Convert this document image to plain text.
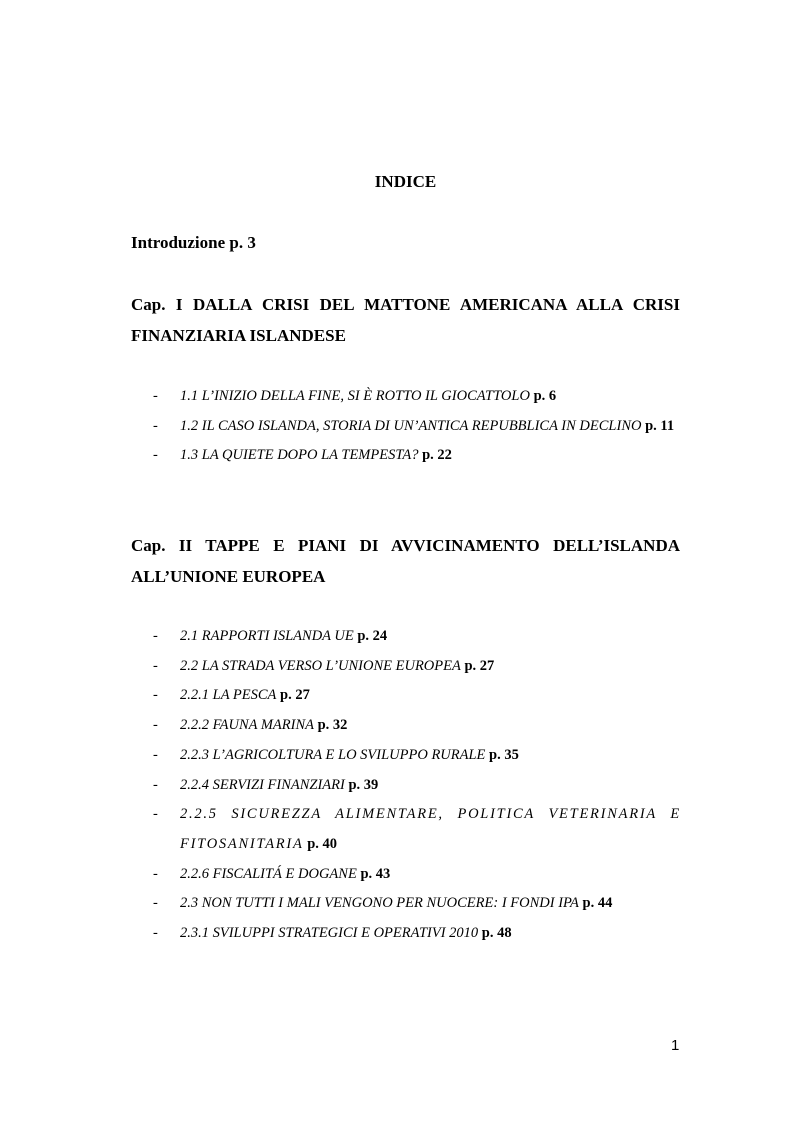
INDICE
Introduzione p. 3

Cap. I DALLA CRISI DEL MATTONE AMERICANA ALLA CRISI FINANZIARIA ISLANDESE

- 1.1 L’INIZIO DELLA FINE, SI È ROTTO IL GIOCATTOLO p. 6
- 1.2 IL CASO ISLANDA, STORIA DI UN’ANTICA REPUBBLICA IN DECLINO p. 11
- 1.3 LA QUIETE DOPO LA TEMPESTA? p. 22

Cap. II TAPPE E PIANI DI AVVICINAMENTO DELL’ISLANDA ALL’UNIONE EUROPEA

- 2.1 RAPPORTI ISLANDA UE p. 24
- 2.2 LA STRADA VERSO L’UNIONE EUROPEA p. 27
- 2.2.1 LA PESCA p. 27
- 2.2.2 FAUNA MARINA p. 32
- 2.2.3 L’AGRICOLTURA E LO SVILUPPO RURALE p. 35
- 2.2.4 SERVIZI FINANZIARI p. 39
- 2.2.5 SICUREZZA ALIMENTARE, POLITICA VETERINARIA E FITOSANITARIA p. 40
- 2.2.6 FISCALITÁ E DOGANE p. 43
- 2.3 NON TUTTI I MALI VENGONO PER NUOCERE: I FONDI IPA p. 44
- 2.3.1 SVILUPPI STRATEGICI E OPERATIVI 2010 p. 48
1
